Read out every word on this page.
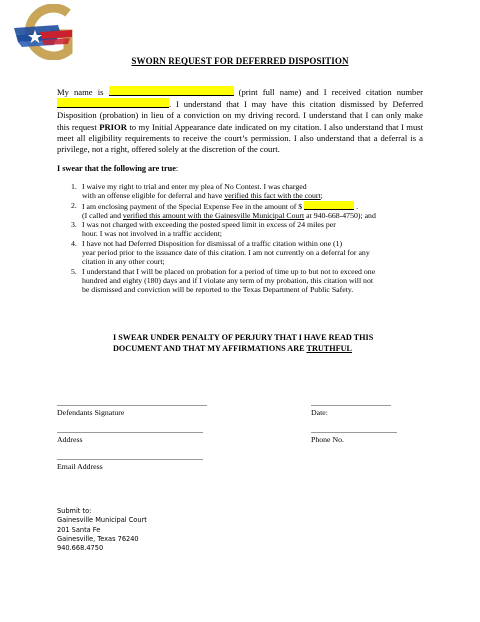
SWORN REQUEST FOR DEFERRED DISPOSITION
My name is	(print full name) and I received citation number . I understand that I may have this citation dismissed by Deferred Disposition (probation) in lieu of a conviction on my driving record. I understand that I can only make this request PRIOR to my Initial Appearance date indicated on my citation. I also understand that I must meet all eligibility requirements to receive the court’s permission. I also understand that a deferral is a privilege, not a right, offered solely at the discretion of the court.
I swear that the following are true:
1. I waive my right to trial and enter my plea of No Contest. I was charged
with an offense eligible for deferral and have verified this fact with the court;
2. I am enclosing payment of the Special Expense Fee in the amount of $	.
(I called and verified this amount with the Gainesville Municipal Court at 940-668-4750); and
3. I was not charged with exceeding the posted speed limit in excess of 24 miles per
hour. I was not involved in a traffic accident;
4. I have not had Deferred Disposition for dismissal of a traffic citation within one (1)
year period prior to the issuance date of this citation. I am not currently on a deferral for any
citation in any other court;
5. I understand that I will be placed on probation for a period of time up to but not to exceed one
hundred and eighty (180) days and if I violate any term of my probation, this citation will not
be dismissed and conviction will be reported to the Texas Department of Public Safety.
I SWEAR UNDER PENALTY OF PERJURY THAT I HAVE READ THIS
DOCUMENT AND THAT MY AFFIRMATIONS ARE TRUTHFUL
Defendants Signature	Date:
Address	Phone No.
Email Address
Submit to:
Gainesville Municipal Court
201 Santa Fe
Gainesville, Texas 76240
940.668.4750
